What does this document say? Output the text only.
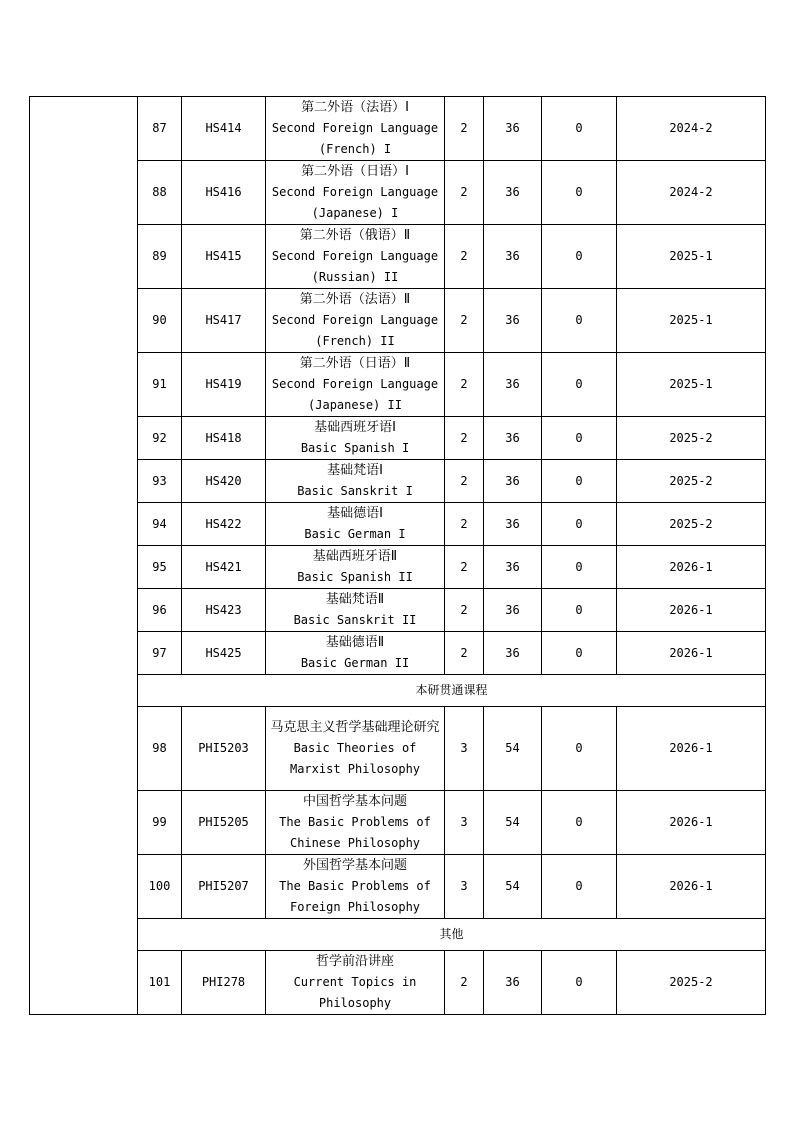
	87	HS414	第二外语（法语）Ⅰ
Second Foreign Language (French) I	2	36	0	2024-2
	88	HS416	第二外语（日语）Ⅰ
Second Foreign Language (Japanese) I	2	36	0	2024-2
	89	HS415	第二外语（俄语）Ⅱ
Second Foreign Language (Russian) II	2	36	0	2025-1
	90	HS417	第二外语（法语）Ⅱ
Second Foreign Language (French) II	2	36	0	2025-1
	91	HS419	第二外语（日语）Ⅱ
Second Foreign Language (Japanese) II	2	36	0	2025-1
	92	HS418	基础西班牙语Ⅰ
Basic Spanish I	2	36	0	2025-2
	93	HS420	基础梵语Ⅰ
Basic Sanskrit I	2	36	0	2025-2
	94	HS422	基础德语Ⅰ
Basic German I	2	36	0	2025-2
	95	HS421	基础西班牙语Ⅱ
Basic Spanish II	2	36	0	2026-1
	96	HS423	基础梵语Ⅱ
Basic Sanskrit II	2	36	0	2026-1
	97	HS425	基础德语Ⅱ
Basic German II	2	36	0	2026-1
	本研贯通课程						
	98	PHI5203	马克思主义哲学基础理论研究
Basic Theories of Marxist Philosophy	3	54	0	2026-1
	99	PHI5205	中国哲学基本问题
The Basic Problems of Chinese Philosophy	3	54	0	2026-1
	100	PHI5207	外国哲学基本问题
The Basic Problems of Foreign Philosophy	3	54	0	2026-1
	其他						
	101	PHI278	哲学前沿讲座
Current Topics in Philosophy	2	36	0	2025-2
